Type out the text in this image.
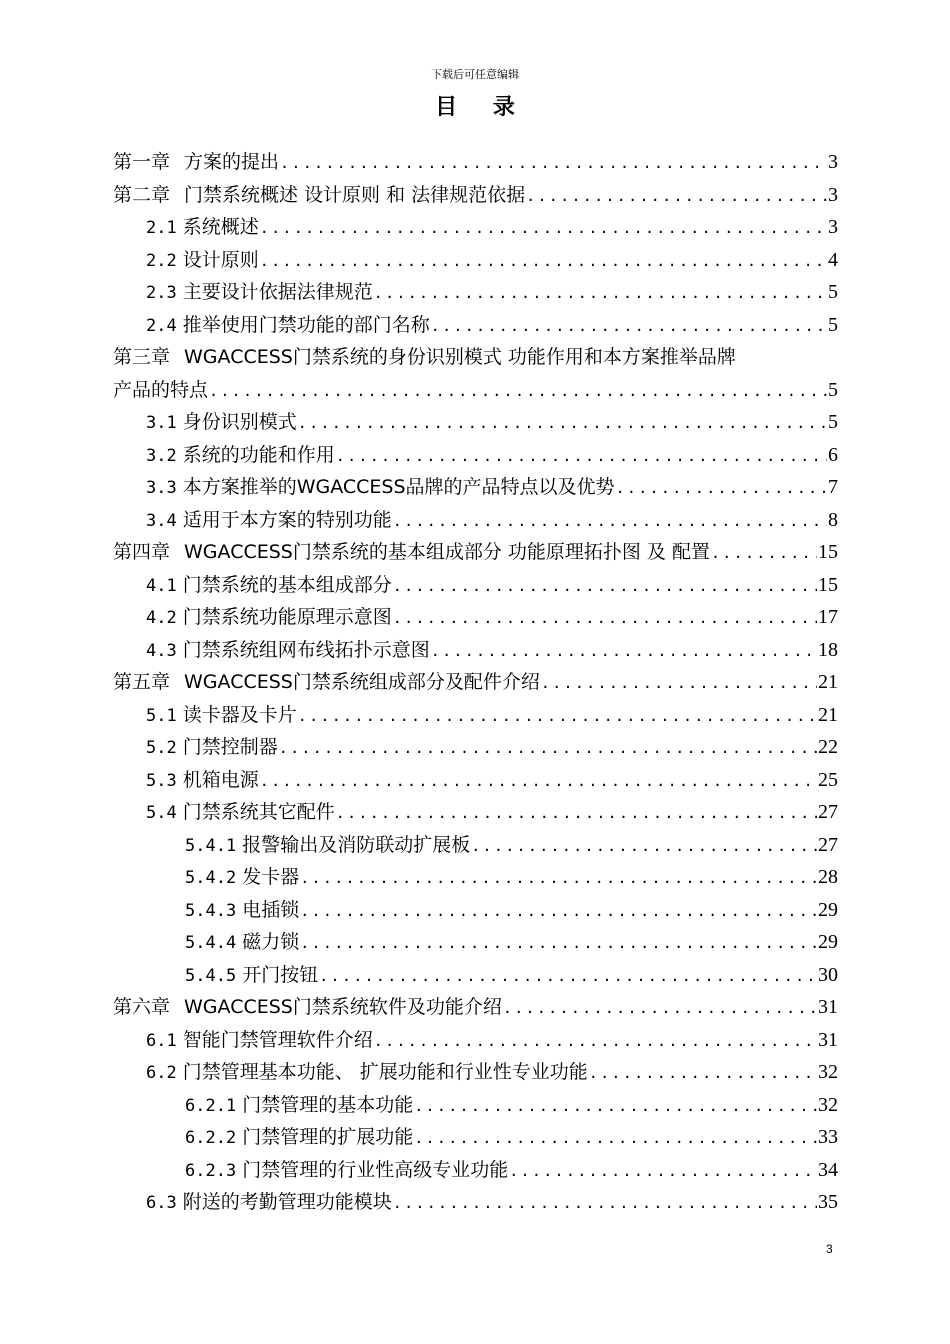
下载后可任意编辑
目 录
第一章 方案的提出 .....	3
第二章 门禁系统概述 设计原则 和 法律规范依据 .....	3
2.1 系统概述 .....	3
2.2 设计原则 .....	4
2.3 主要设计依据法律规范 .....	5
2.4 推举使用门禁功能的部门名称 .....	5
第三章 WGACCESS门禁系统的身份识别模式 功能作用和本方案推举品牌
产品的特点 .....	5
3.1 身份识别模式 .....	5
3.2 系统的功能和作用 .....	6
3.3 本方案推举的WGACCESS品牌的产品特点以及优势 .....	7
3.4 适用于本方案的特别功能 .....	8
第四章 WGACCESS门禁系统的基本组成部分 功能原理拓扑图 及 配置 .....	15
4.1 门禁系统的基本组成部分 .....	15
4.2 门禁系统功能原理示意图 .....	17
4.3 门禁系统组网布线拓扑示意图 .....	18
第五章 WGACCESS门禁系统组成部分及配件介绍 .....	21
5.1 读卡器及卡片 .....	21
5.2 门禁控制器 .....	22
5.3 机箱电源 .....	25
5.4 门禁系统其它配件 .....	27
5.4.1 报警输出及消防联动扩展板 .....	27
5.4.2 发卡器 .....	28
5.4.3 电插锁 .....	29
5.4.4 磁力锁 .....	29
5.4.5 开门按钮 .....	30
第六章 WGACCESS门禁系统软件及功能介绍 .....	31
6.1 智能门禁管理软件介绍 .....	31
6.2 门禁管理基本功能、 扩展功能和行业性专业功能 .....	32
6.2.1 门禁管理的基本功能 .....	32
6.2.2 门禁管理的扩展功能 .....	33
6.2.3 门禁管理的行业性高级专业功能 .....	34
6.3 附送的考勤管理功能模块 .....	35
3
